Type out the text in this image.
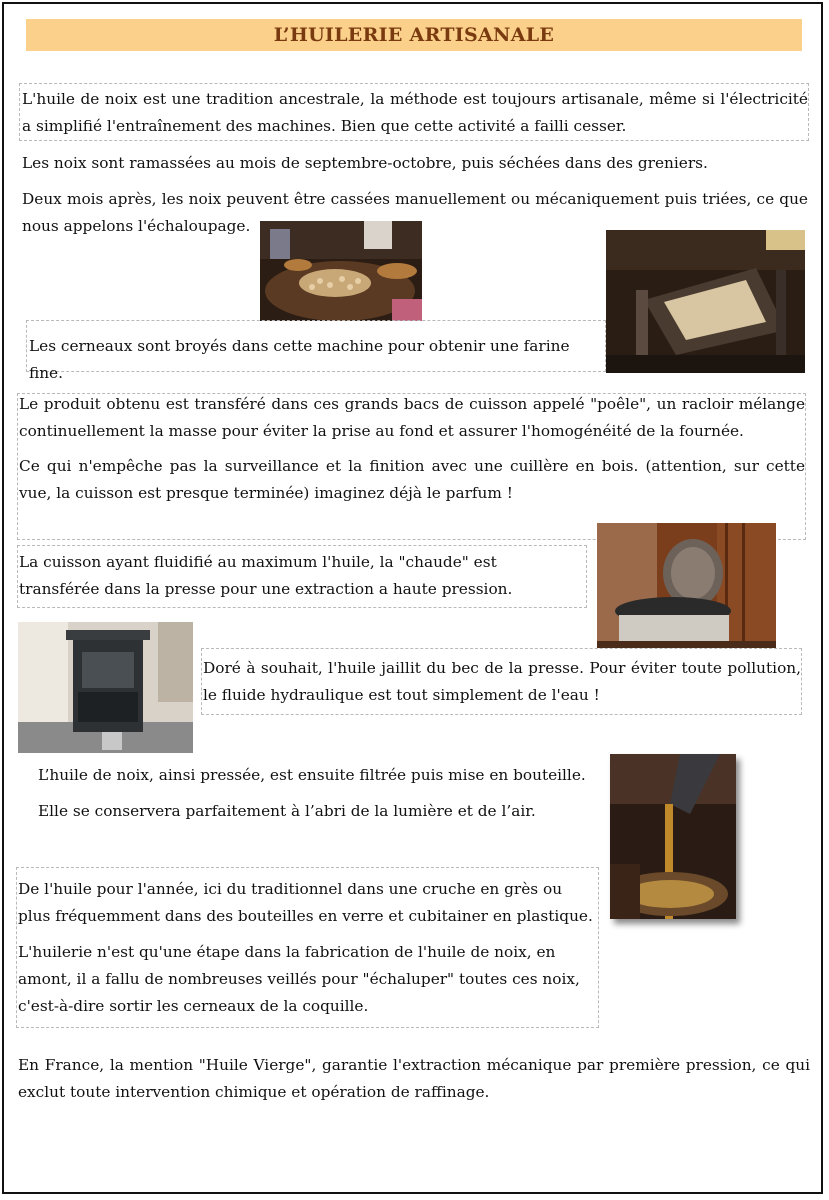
L’HUILERIE ARTISANALE

L'huile de noix est une tradition ancestrale, la méthode est toujours artisanale, même si l'électricité a simplifié l'entraînement des machines. Bien que cette activité a failli cesser.

Les noix sont ramassées au mois de septembre-octobre, puis séchées dans des greniers.

Deux mois après, les noix peuvent être cassées manuellement ou mécaniquement puis triées, ce que nous appelons l'échaloupage.

Les cerneaux sont broyés dans cette machine pour obtenir une farine fine.

Le produit obtenu est transféré dans ces grands bacs de cuisson appelé "poêle", un racloir mélange continuellement la masse pour éviter la prise au fond et assurer l'homogénéité de la fournée.

Ce qui n'empêche pas la surveillance et la finition avec une cuillère en bois. (attention, sur cette vue, la cuisson est presque terminée) imaginez déjà le parfum !

La cuisson ayant fluidifié au maximum l'huile, la "chaude" est transférée dans la presse pour une extraction a haute pression.

Doré à souhait, l'huile jaillit du bec de la presse. Pour éviter toute pollution, le fluide hydraulique est tout simplement de l'eau !

L’huile de noix, ainsi pressée, est ensuite filtrée puis mise en bouteille.

Elle se conservera parfaitement à l’abri de la lumière et de l’air.

De l'huile pour l'année, ici du traditionnel dans une cruche en grès ou plus fréquemment dans des bouteilles en verre et cubitainer en plastique.

L'huilerie n'est qu'une étape dans la fabrication de l'huile de noix, en amont, il a fallu de nombreuses veillés pour "échaluper" toutes ces noix, c'est-à-dire sortir les cerneaux de la coquille.

En France, la mention "Huile Vierge", garantie l'extraction mécanique par première pression, ce qui exclut toute intervention chimique et opération de raffinage.
